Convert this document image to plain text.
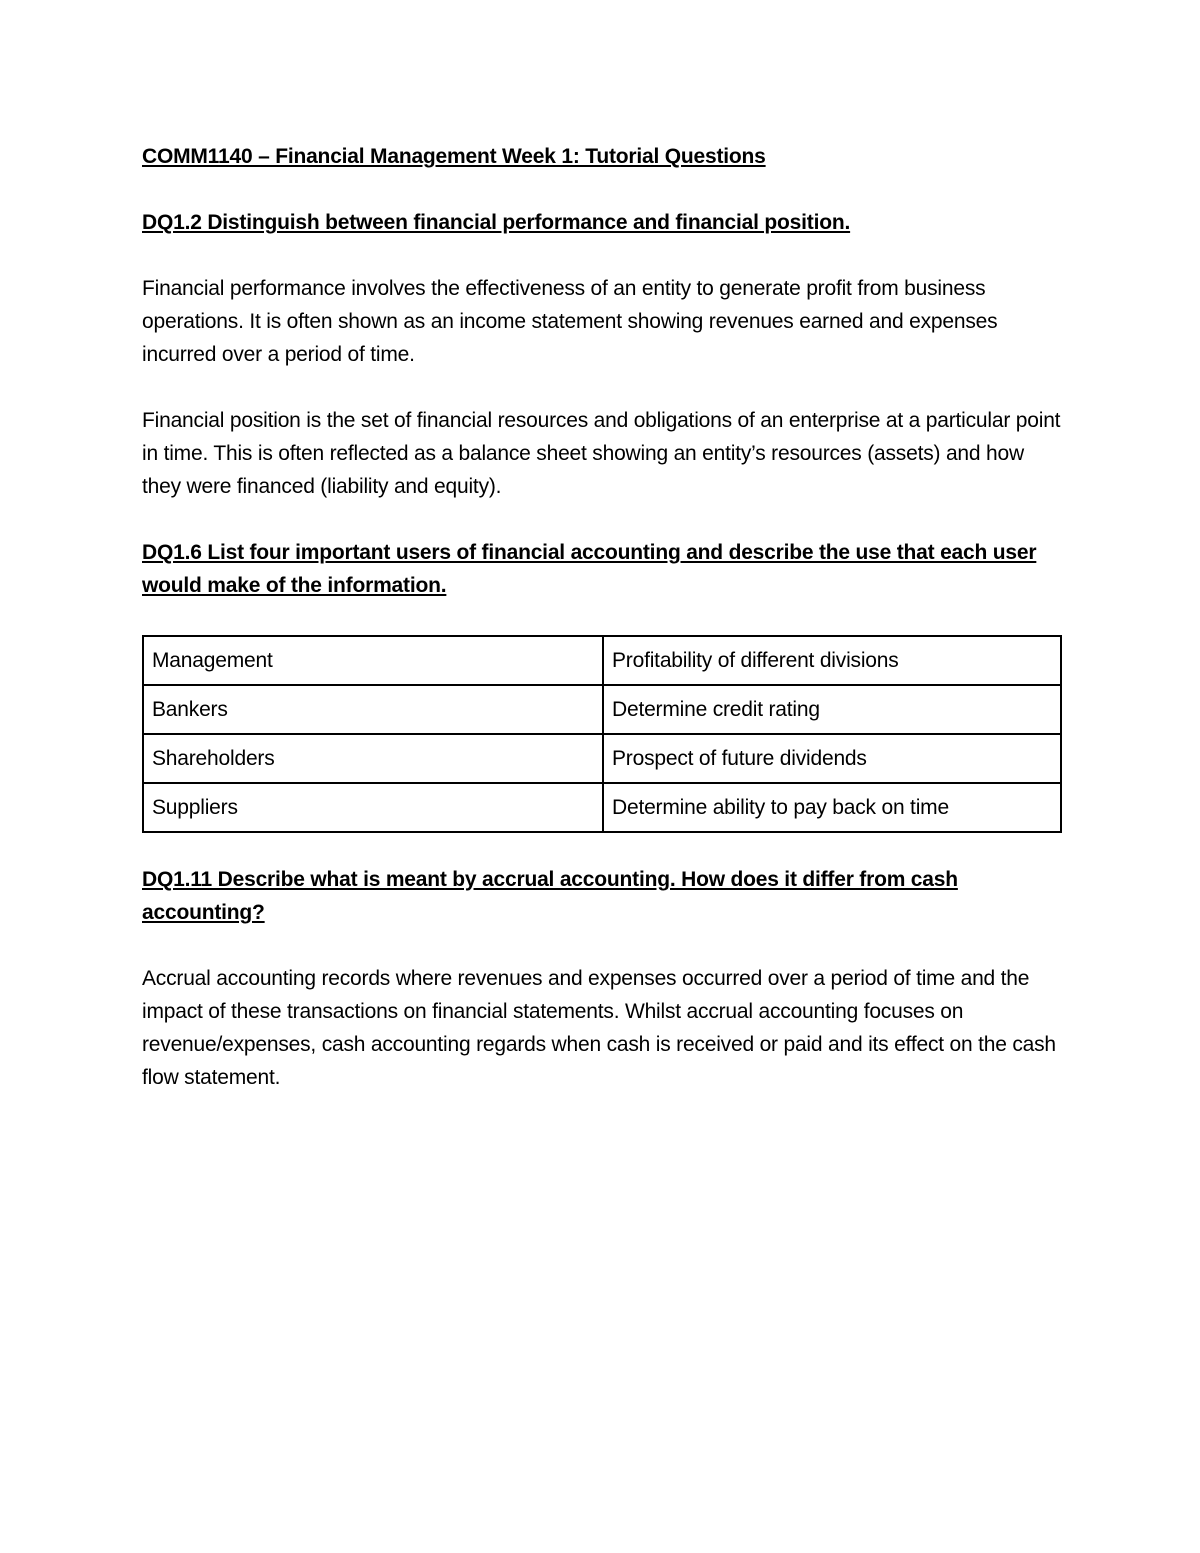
COMM1140 – Financial Management Week 1: Tutorial Questions

DQ1.2 Distinguish between financial performance and financial position.

Financial performance involves the effectiveness of an entity to generate profit from business operations. It is often shown as an income statement showing revenues earned and expenses incurred over a period of time.

Financial position is the set of financial resources and obligations of an enterprise at a particular point in time. This is often reflected as a balance sheet showing an entity’s resources (assets) and how they were financed (liability and equity).

DQ1.6 List four important users of financial accounting and describe the use that each user would make of the information.

Management	Profitability of different divisions
Bankers	Determine credit rating
Shareholders	Prospect of future dividends
Suppliers	Determine ability to pay back on time

DQ1.11 Describe what is meant by accrual accounting. How does it differ from cash accounting?

Accrual accounting records where revenues and expenses occurred over a period of time and the impact of these transactions on financial statements. Whilst accrual accounting focuses on revenue/expenses, cash accounting regards when cash is received or paid and its effect on the cash flow statement.
